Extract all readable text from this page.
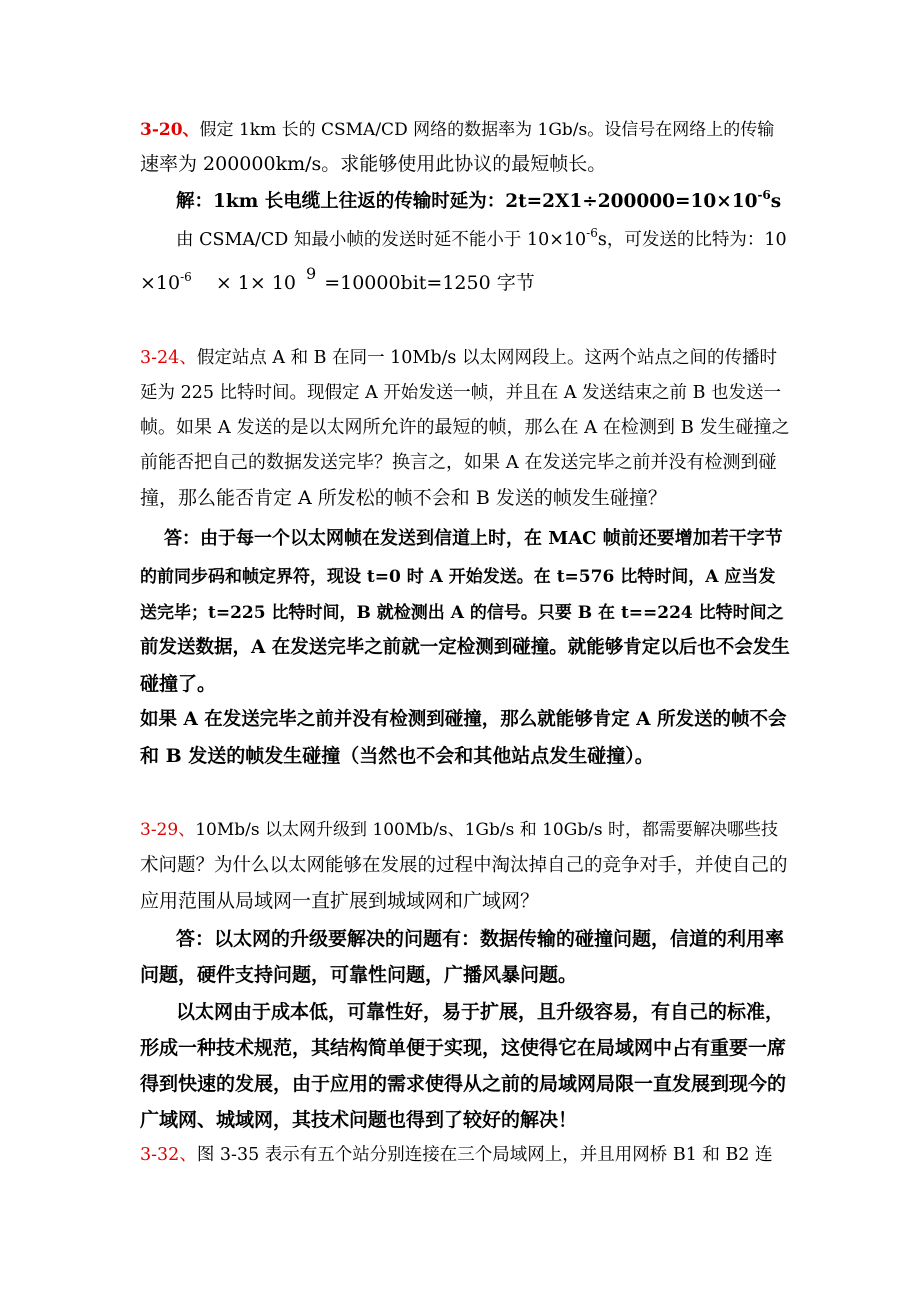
3-20、假定 1km 长的 CSMA/CD 网络的数据率为 1Gb/s。设信号在网络上的传输
速率为 200000km/s。求能够使用此协议的最短帧长。
解：1km 长电缆上往返的传输时延为：$2t=2X1\div 200000=10\times 10^{-6}s$
由 CSMA/CD 知最小帧的发送时延不能小于 $10\times 10^{-6}s$，可发送的比特为：10
$\times 10^{-6} \times 1\times 10$ $^9$ =10000bit=1250 字节
3-24、假定站点 A 和 B 在同一 10Mb/s 以太网网段上。这两个站点之间的传播时
延为 225 比特时间。现假定 A 开始发送一帧，并且在 A 发送结束之前 B 也发送一
帧。如果 A 发送的是以太网所允许的最短的帧，那么在 A 在检测到 B 发生碰撞之
前能否把自己的数据发送完毕？换言之，如果 A 在发送完毕之前并没有检测到碰
撞，那么能否肯定 A 所发松的帧不会和 B 发送的帧发生碰撞？
答：由于每一个以太网帧在发送到信道上时，在 MAC 帧前还要增加若干字节
的前同步码和帧定界符，现设 t=0 时 A 开始发送。在 t=576 比特时间，A 应当发
送完毕；t=225 比特时间，B 就检测出 A 的信号。只要 B 在 t==224 比特时间之
前发送数据，A 在发送完毕之前就一定检测到碰撞。就能够肯定以后也不会发生
碰撞了。
如果 A 在发送完毕之前并没有检测到碰撞，那么就能够肯定 A 所发送的帧不会
和 B 发送的帧发生碰撞（当然也不会和其他站点发生碰撞）。
3-29、10Mb/s 以太网升级到 100Mb/s、1Gb/s 和 10Gb/s 时，都需要解决哪些技
术问题？为什么以太网能够在发展的过程中淘汰掉自己的竞争对手，并使自己的
应用范围从局域网一直扩展到城域网和广域网？
答：以太网的升级要解决的问题有：数据传输的碰撞问题，信道的利用率
问题，硬件支持问题，可靠性问题，广播风暴问题。
以太网由于成本低，可靠性好，易于扩展，且升级容易，有自己的标准，
形成一种技术规范，其结构简单便于实现，这使得它在局域网中占有重要一席
得到快速的发展，由于应用的需求使得从之前的局域网局限一直发展到现今的
广域网、城域网，其技术问题也得到了较好的解决！
3-32、图 3-35 表示有五个站分别连接在三个局域网上，并且用网桥 B1 和 B2 连
